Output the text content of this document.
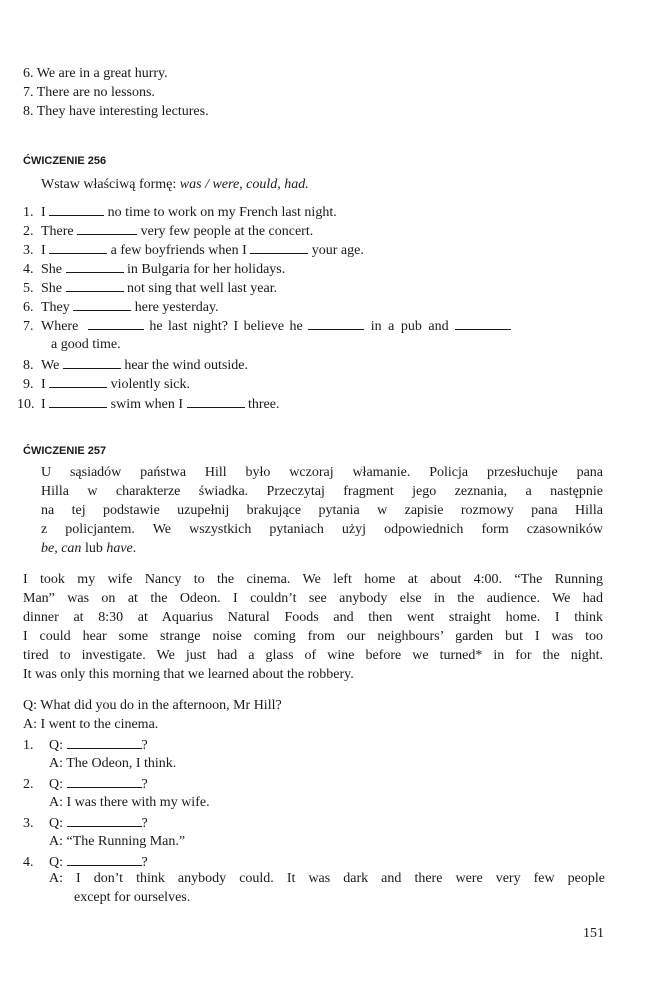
6. We are in a great hurry.
7. There are no lessons.
8. They have interesting lectures.
ĆWICZENIE 256
Wstaw właściwą formę: was / were, could, had.
1. I	no time to work on my French last night.
2. There	very few people at the concert.
3. I	a few boyfriends when I	your age.
4. She	in Bulgaria for her holidays.
5. She	not sing that well last year.
6. They	here yesterday.
7. Where	he last night? I believe he	in a pub and
a good time.
8. We	hear the wind outside.
9. I	violently sick.
10. I	swim when I	three.
ĆWICZENIE 257
U sąsiadów państwa Hill było wczoraj włamanie. Policja przesłuchuje pana
Hilla w charakterze świadka. Przeczytaj fragment jego zeznania, a następnie
na tej podstawie uzupełnij brakujące pytania w zapisie rozmowy pana Hilla
z policjantem. We wszystkich pytaniach użyj odpowiednich form czasowników
be, can lub have.
I took my wife Nancy to the cinema. We left home at about 4:00. “The Running
Man” was on at the Odeon. I couldn’t see anybody else in the audience. We had
dinner at 8:30 at Aquarius Natural Foods and then went straight home. I think
I could hear some strange noise coming from our neighbours’ garden but I was too
tired to investigate. We just had a glass of wine before we turned* in for the night.
It was only this morning that we learned about the robbery.
Q: What did you do in the afternoon, Mr Hill?
A: I went to the cinema.
1. Q:	?
A: The Odeon, I think.
2. Q:	?
A: I was there with my wife.
3. Q:	?
A: “The Running Man.”
4. Q:	?
A: I don’t think anybody could. It was dark and there were very few people
except for ourselves.
151
